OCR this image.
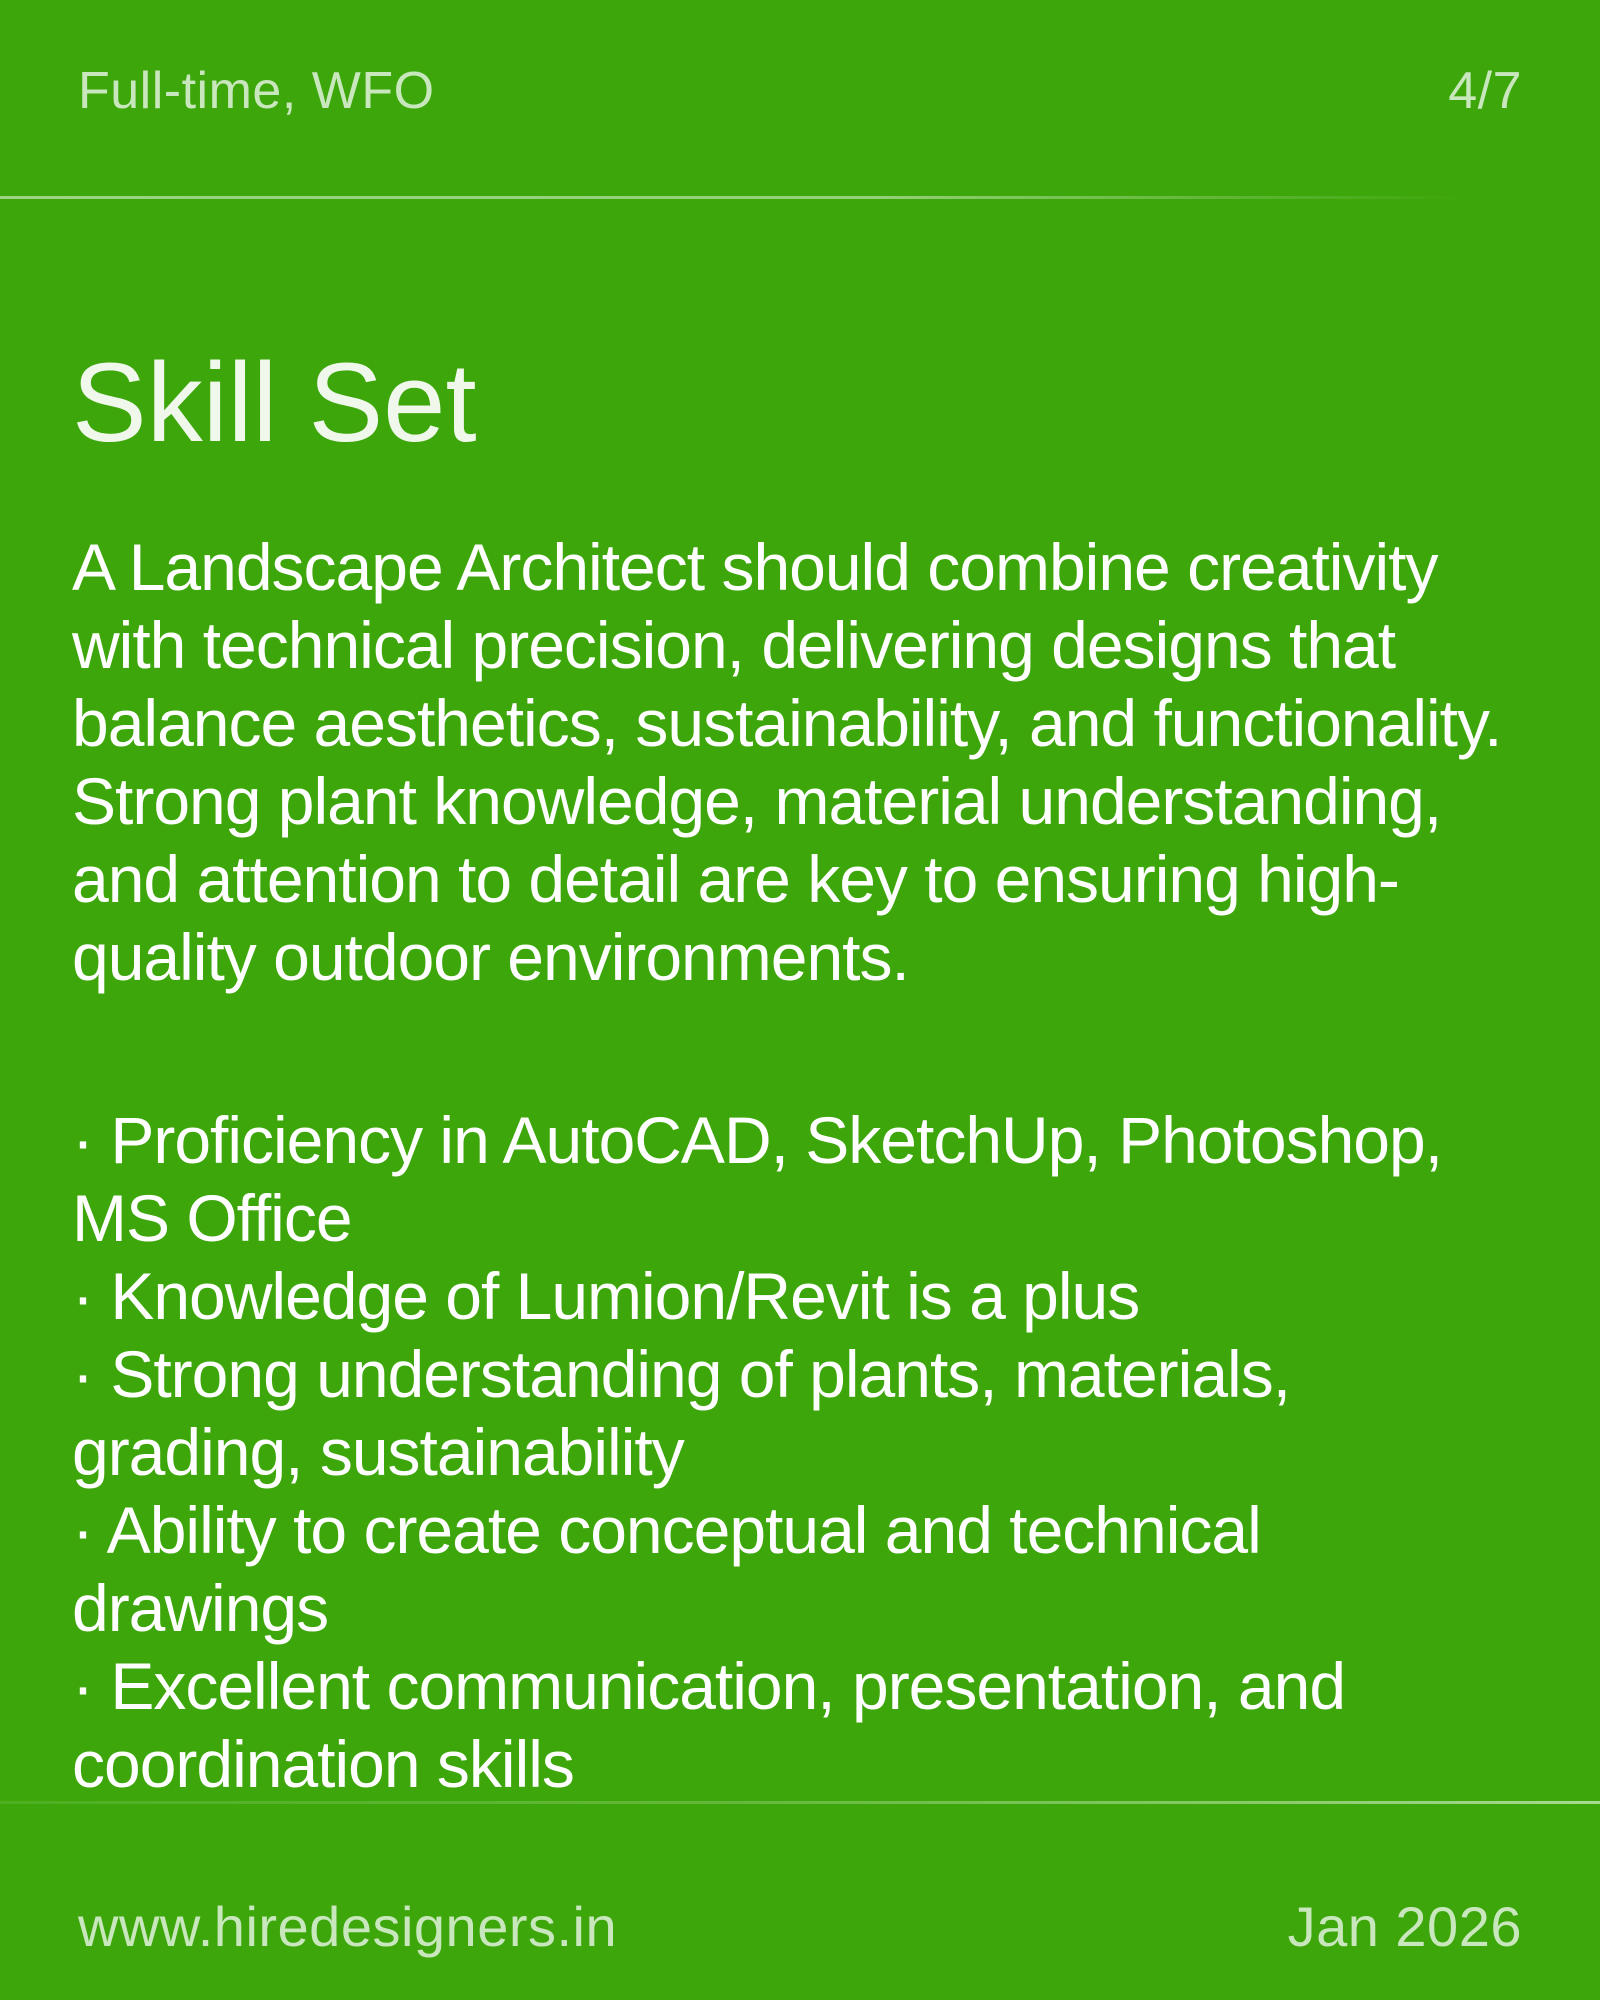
Full-time, WFO	4/7
Skill Set
A Landscape Architect should combine creativity with technical precision, delivering designs that balance aesthetics, sustainability, and functionality. Strong plant knowledge, material understanding, and attention to detail are key to ensuring high-quality outdoor environments.
· Proficiency in AutoCAD, SketchUp, Photoshop, MS Office
· Knowledge of Lumion/Revit is a plus
· Strong understanding of plants, materials, grading, sustainability
· Ability to create conceptual and technical drawings
· Excellent communication, presentation, and coordination skills
www.hiredesigners.in	Jan 2026
